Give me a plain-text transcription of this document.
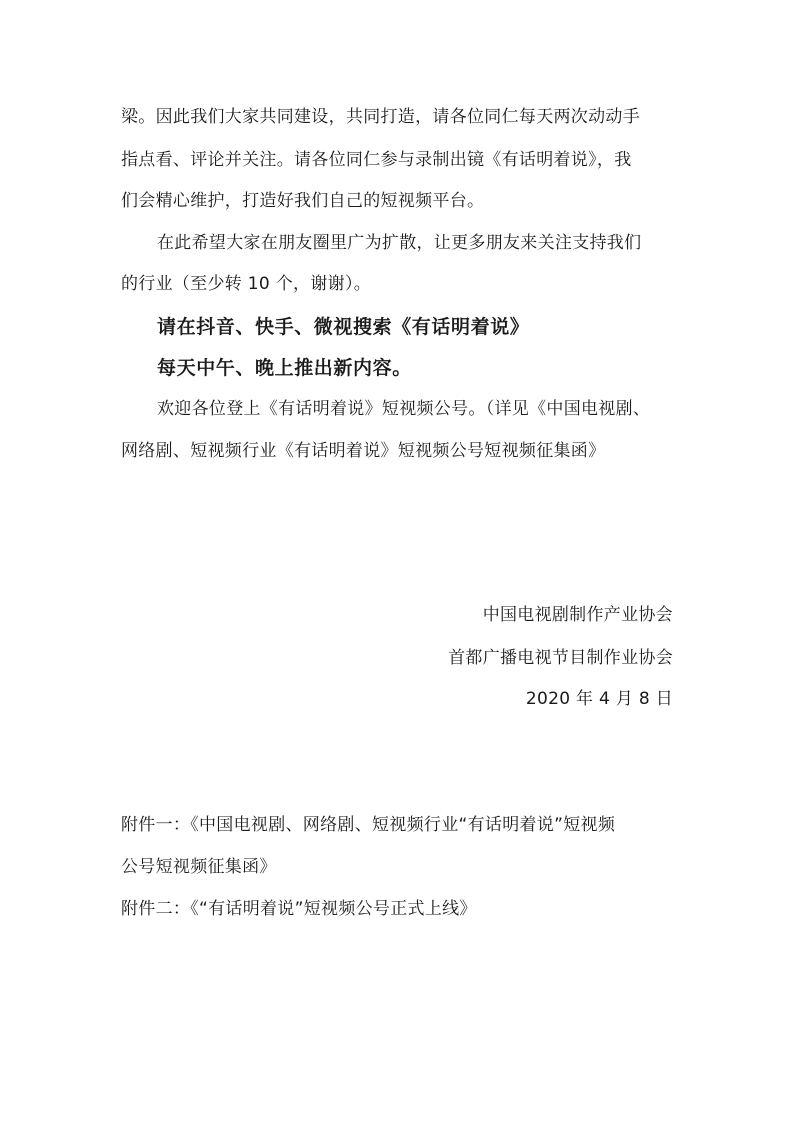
梁。因此我们大家共同建设，共同打造，请各位同仁每天两次动动手
指点看、评论并关注。请各位同仁参与录制出镜《有话明着说》，我
们会精心维护，打造好我们自己的短视频平台。
在此希望大家在朋友圈里广为扩散，让更多朋友来关注支持我们
的行业（至少转 10 个，谢谢）。
请在抖音、快手、微视搜索《有话明着说》
每天中午、晚上推出新内容。
欢迎各位登上《有话明着说》短视频公号。（详见《中国电视剧、
网络剧、短视频行业《有话明着说》短视频公号短视频征集函》
中国电视剧制作产业协会
首都广播电视节目制作业协会
2020 年 4 月 8 日
附件一：《中国电视剧、网络剧、短视频行业“有话明着说”短视频
公号短视频征集函》
附件二：《“有话明着说”短视频公号正式上线》
